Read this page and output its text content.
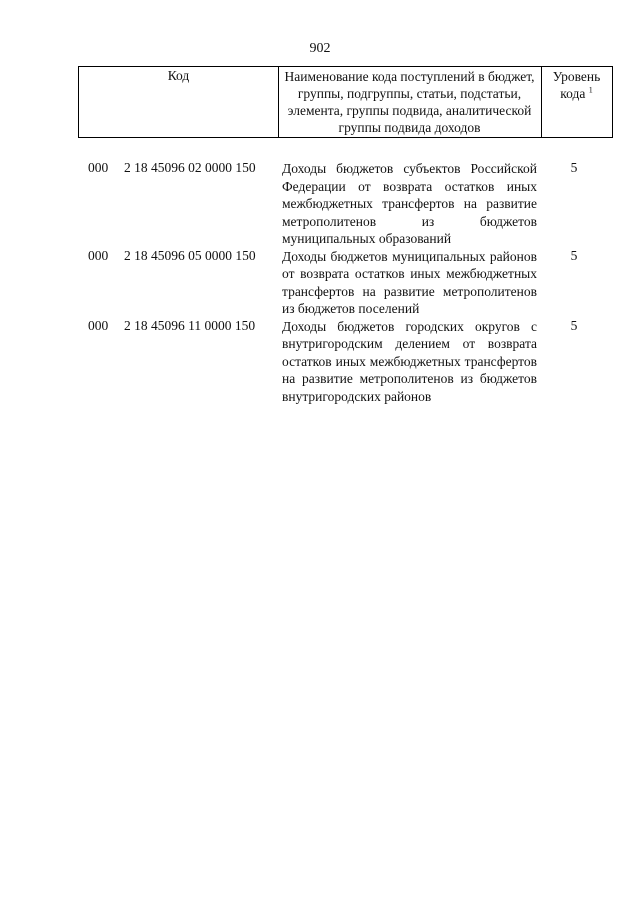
902
Код	Наименование кода поступлений в бюджет, группы, подгруппы, статьи, подстатьи, элемента, группы подвида, аналитической группы подвида доходов
Уровень кода $^1$
000 2 18 45096 02 0000 150 Доходы бюджетов субъектов Российской Федерации от возврата остатков иных межбюджетных трансфертов на развитие метрополитенов из бюджетов муниципальных образований
5
000 2 18 45096 05 0000 150 Доходы бюджетов муниципальных районов от возврата остатков иных межбюджетных трансфертов на развитие метрополитенов из бюджетов поселений
5
000 2 18 45096 11 0000 150 Доходы бюджетов городских округов с внутригородским делением от возврата остатков иных межбюджетных трансфертов на развитие метрополитенов из бюджетов внутригородских районов
5
